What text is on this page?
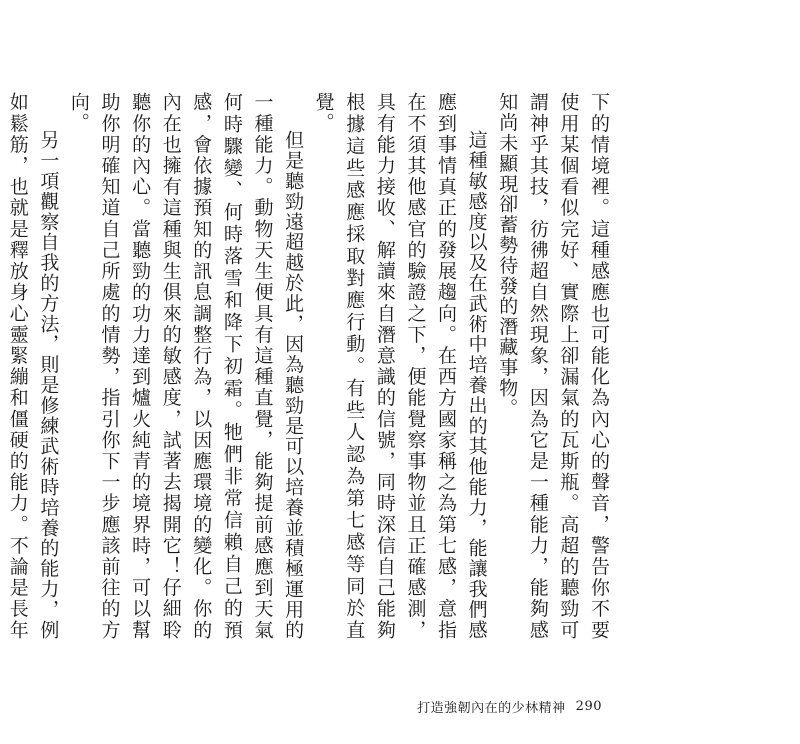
下的情境裡。這種感應也可能化為內心的聲音，警告你不要使用某個看似完好、實際上卻漏氣的瓦斯瓶。高超的聽勁可謂神乎其技，彷彿超自然現象，因為它是一種能力，能夠感知尚未顯現卻蓄勢待發的潛藏事物。

這種敏感度以及在武術中培養出的其他能力，能讓我們感應到事情真正的發展趨向。在西方國家稱之為第七感，意指在不須其他感官的驗證之下，便能覺察事物並且正確感測，具有能力接收、解讀來自潛意識的信號，同時深信自己能夠根據這些感應採取對應行動。有些人認為第七感等同於直覺。

但是聽勁遠超越於此，因為聽勁是可以培養並積極運用的一種能力。動物天生便具有這種直覺，能夠提前感應到天氣何時驟變、何時落雪和降下初霜。牠們非常信賴自己的預感，會依據預知的訊息調整行為，以因應環境的變化。你的內在也擁有這種與生俱來的敏感度，試著去揭開它！仔細聆聽你的內心。當聽勁的功力達到爐火純青的境界時，可以幫助你明確知道自己所處的情勢，指引你下一步應該前往的方向。

另一項觀察自我的方法，則是修練武術時培養的能力，例如鬆筋，也就是釋放身心靈緊繃和僵硬的能力。不論是長年

打造強韌內在的少林精神 290
